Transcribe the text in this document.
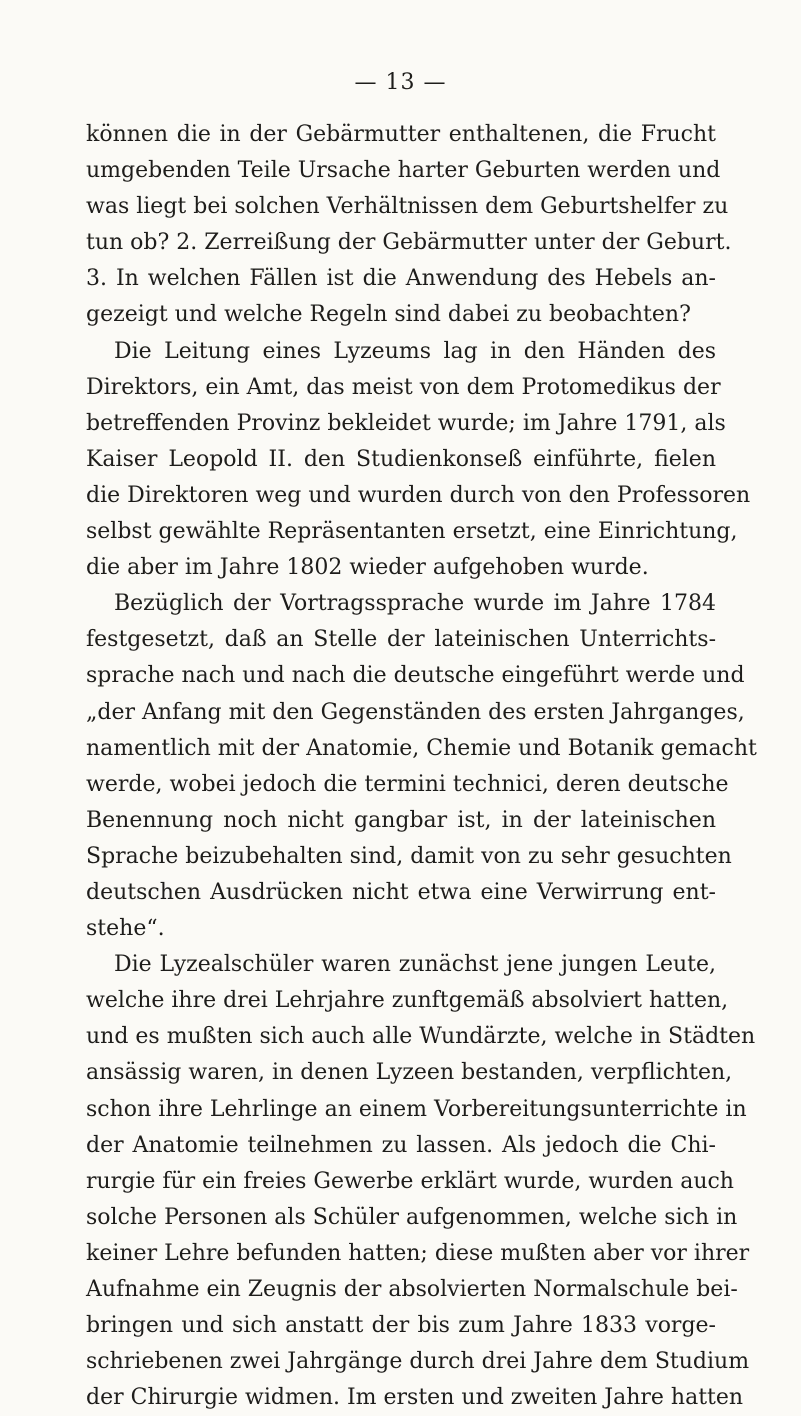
— 13 —
können die in der Gebärmutter enthaltenen, die Frucht
umgebenden Teile Ursache harter Geburten werden und
was liegt bei solchen Verhältnissen dem Geburtshelfer zu
tun ob? 2. Zerreißung der Gebärmutter unter der Geburt.
3. In welchen Fällen ist die Anwendung des Hebels an-
gezeigt und welche Regeln sind dabei zu beobachten?
Die Leitung eines Lyzeums lag in den Händen des
Direktors, ein Amt, das meist von dem Protomedikus der
betreffenden Provinz bekleidet wurde; im Jahre 1791, als
Kaiser Leopold II. den Studienkonseß einführte, fielen
die Direktoren weg und wurden durch von den Professoren
selbst gewählte Repräsentanten ersetzt, eine Einrichtung,
die aber im Jahre 1802 wieder aufgehoben wurde.
Bezüglich der Vortragssprache wurde im Jahre 1784
festgesetzt, daß an Stelle der lateinischen Unterrichts-
sprache nach und nach die deutsche eingeführt werde und
„der Anfang mit den Gegenständen des ersten Jahrganges,
namentlich mit der Anatomie, Chemie und Botanik gemacht
werde, wobei jedoch die termini technici, deren deutsche
Benennung noch nicht gangbar ist, in der lateinischen
Sprache beizubehalten sind, damit von zu sehr gesuchten
deutschen Ausdrücken nicht etwa eine Verwirrung ent-
stehe“.
Die Lyzealschüler waren zunächst jene jungen Leute,
welche ihre drei Lehrjahre zunftgemäß absolviert hatten,
und es mußten sich auch alle Wundärzte, welche in Städten
ansässig waren, in denen Lyzeen bestanden, verpflichten,
schon ihre Lehrlinge an einem Vorbereitungsunterrichte in
der Anatomie teilnehmen zu lassen. Als jedoch die Chi-
rurgie für ein freies Gewerbe erklärt wurde, wurden auch
solche Personen als Schüler aufgenommen, welche sich in
keiner Lehre befunden hatten; diese mußten aber vor ihrer
Aufnahme ein Zeugnis der absolvierten Normalschule bei-
bringen und sich anstatt der bis zum Jahre 1833 vorge-
schriebenen zwei Jahrgänge durch drei Jahre dem Studium
der Chirurgie widmen. Im ersten und zweiten Jahre hatten
